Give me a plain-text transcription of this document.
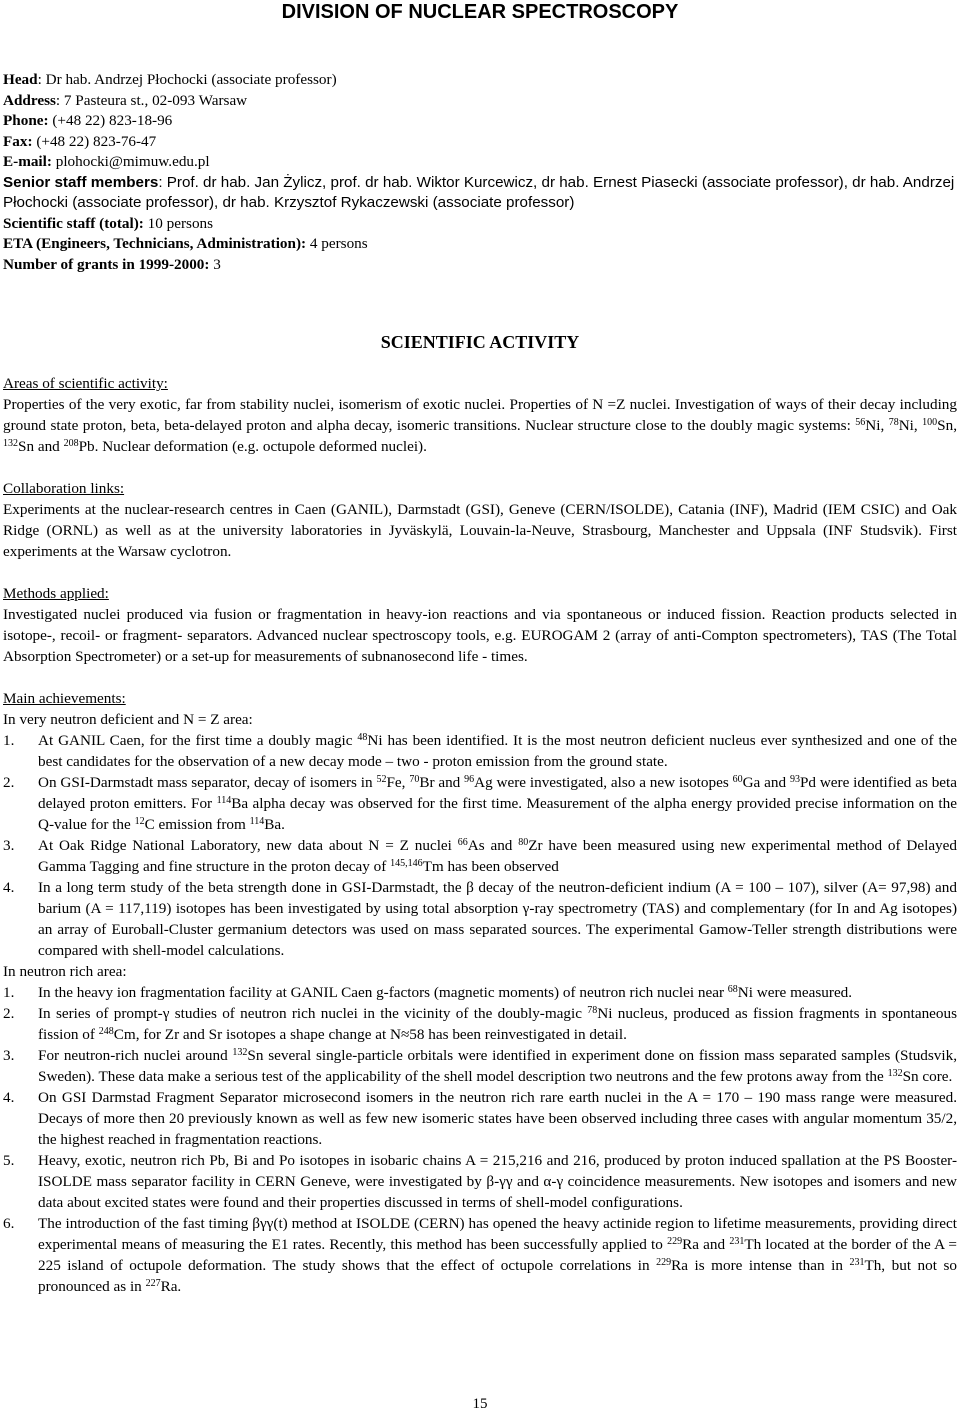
DIVISION OF NUCLEAR SPECTROSCOPY

Head: Dr hab. Andrzej Płochocki (associate professor)

Address: 7 Pasteura st., 02-093 Warsaw

Phone: (+48 22) 823-18-96

Fax: (+48 22) 823-76-47

E-mail: plohocki@mimuw.edu.pl

Senior staff members: Prof. dr hab. Jan Żylicz, prof. dr hab. Wiktor Kurcewicz, dr hab. Ernest Piasecki (associate professor), dr hab. Andrzej Płochocki (associate professor), dr hab. Krzysztof Rykaczewski (associate professor)

Scientific staff (total): 10 persons

ETA (Engineers, Technicians, Administration): 4 persons

Number of grants in 1999-2000: 3

SCIENTIFIC ACTIVITY

Areas of scientific activity:

Properties of the very exotic, far from stability nuclei, isomerism of exotic nuclei. Properties of N =Z nuclei. Investigation of ways of their decay including ground state proton, beta, beta-delayed proton and alpha decay, isomeric transitions. Nuclear structure close to the doubly magic systems: $^{56}$Ni, $^{78}$Ni, $^{100}$Sn, $^{132}$Sn and $^{208}$Pb. Nuclear deformation (e.g. octupole deformed nuclei).

Collaboration links:

Experiments at the nuclear-research centres in Caen (GANIL), Darmstadt (GSI), Geneve (CERN/ISOLDE), Catania (INF), Madrid (IEM CSIC) and Oak Ridge (ORNL) as well as at the university laboratories in Jyväskylä, Louvain-la-Neuve, Strasbourg, Manchester and Uppsala (INF Studsvik). First experiments at the Warsaw cyclotron.

Methods applied:

Investigated nuclei produced via fusion or fragmentation in heavy-ion reactions and via spontaneous or induced fission. Reaction products selected in isotope-, recoil- or fragment- separators. Advanced nuclear spectroscopy tools, e.g. EUROGAM 2 (array of anti-Compton spectrometers), TAS (The Total Absorption Spectrometer) or a set-up for measurements of subnanosecond life - times.

Main achievements:

In very neutron deficient and N = Z area:

1. At GANIL Caen, for the first time a doubly magic $^{48}$Ni has been identified. It is the most neutron deficient nucleus ever synthesized and one of the best candidates for the observation of a new decay mode – two - proton emission from the ground state.
2. On GSI-Darmstadt mass separator, decay of isomers in $^{52}$Fe, $^{70}$Br and $^{96}$Ag were investigated, also a new isotopes $^{60}$Ga and $^{93}$Pd were identified as beta delayed proton emitters. For $^{114}$Ba alpha decay was observed for the first time. Measurement of the alpha energy provided precise information on the Q-value for the $^{12}$C emission from $^{114}$Ba.
3. At Oak Ridge National Laboratory, new data about N = Z nuclei $^{66}$As and $^{80}$Zr have been measured using new experimental method of Delayed Gamma Tagging and fine structure in the proton decay of $^{145,146}$Tm has been observed
4. In a long term study of the beta strength done in GSI-Darmstadt, the β decay of the neutron-deficient indium (A = 100 – 107), silver (A= 97,98) and barium (A = 117,119) isotopes has been investigated by using total absorption γ-ray spectrometry (TAS) and complementary (for In and Ag isotopes) an array of Euroball-Cluster germanium detectors was used on mass separated sources. The experimental Gamow-Teller strength distributions were compared with shell-model calculations.

In neutron rich area:

1. In the heavy ion fragmentation facility at GANIL Caen g-factors (magnetic moments) of neutron rich nuclei near $^{68}$Ni were measured.
2. In series of prompt-γ studies of neutron rich nuclei in the vicinity of the doubly-magic $^{78}$Ni nucleus, produced as fission fragments in spontaneous fission of $^{248}$Cm, for Zr and Sr isotopes a shape change at N≈58 has been reinvestigated in detail.
3. For neutron-rich nuclei around $^{132}$Sn several single-particle orbitals were identified in experiment done on fission mass separated samples (Studsvik, Sweden). These data make a serious test of the applicability of the shell model description two neutrons and the few protons away from the $^{132}$Sn core.
4. On GSI Darmstad Fragment Separator microsecond isomers in the neutron rich rare earth nuclei in the A = 170 – 190 mass range were measured. Decays of more then 20 previously known as well as few new isomeric states have been observed including three cases with angular momentum 35/2, the highest reached in fragmentation reactions.
5. Heavy, exotic, neutron rich Pb, Bi and Po isotopes in isobaric chains A = 215,216 and 216, produced by proton induced spallation at the PS Booster- ISOLDE mass separator facility in CERN Geneve, were investigated by β-γγ and α-γ coincidence measurements. New isotopes and isomers and new data about excited states were found and their properties discussed in terms of shell-model configurations.
6. The introduction of the fast timing βγγ(t) method at ISOLDE (CERN) has opened the heavy actinide region to lifetime measurements, providing direct experimental means of measuring the E1 rates. Recently, this method has been successfully applied to $^{229}$Ra and $^{231}$Th located at the border of the A = 225 island of octupole deformation. The study shows that the effect of octupole correlations in $^{229}$Ra is more intense than in $^{231}$Th, but not so pronounced as in $^{227}$Ra.
15
